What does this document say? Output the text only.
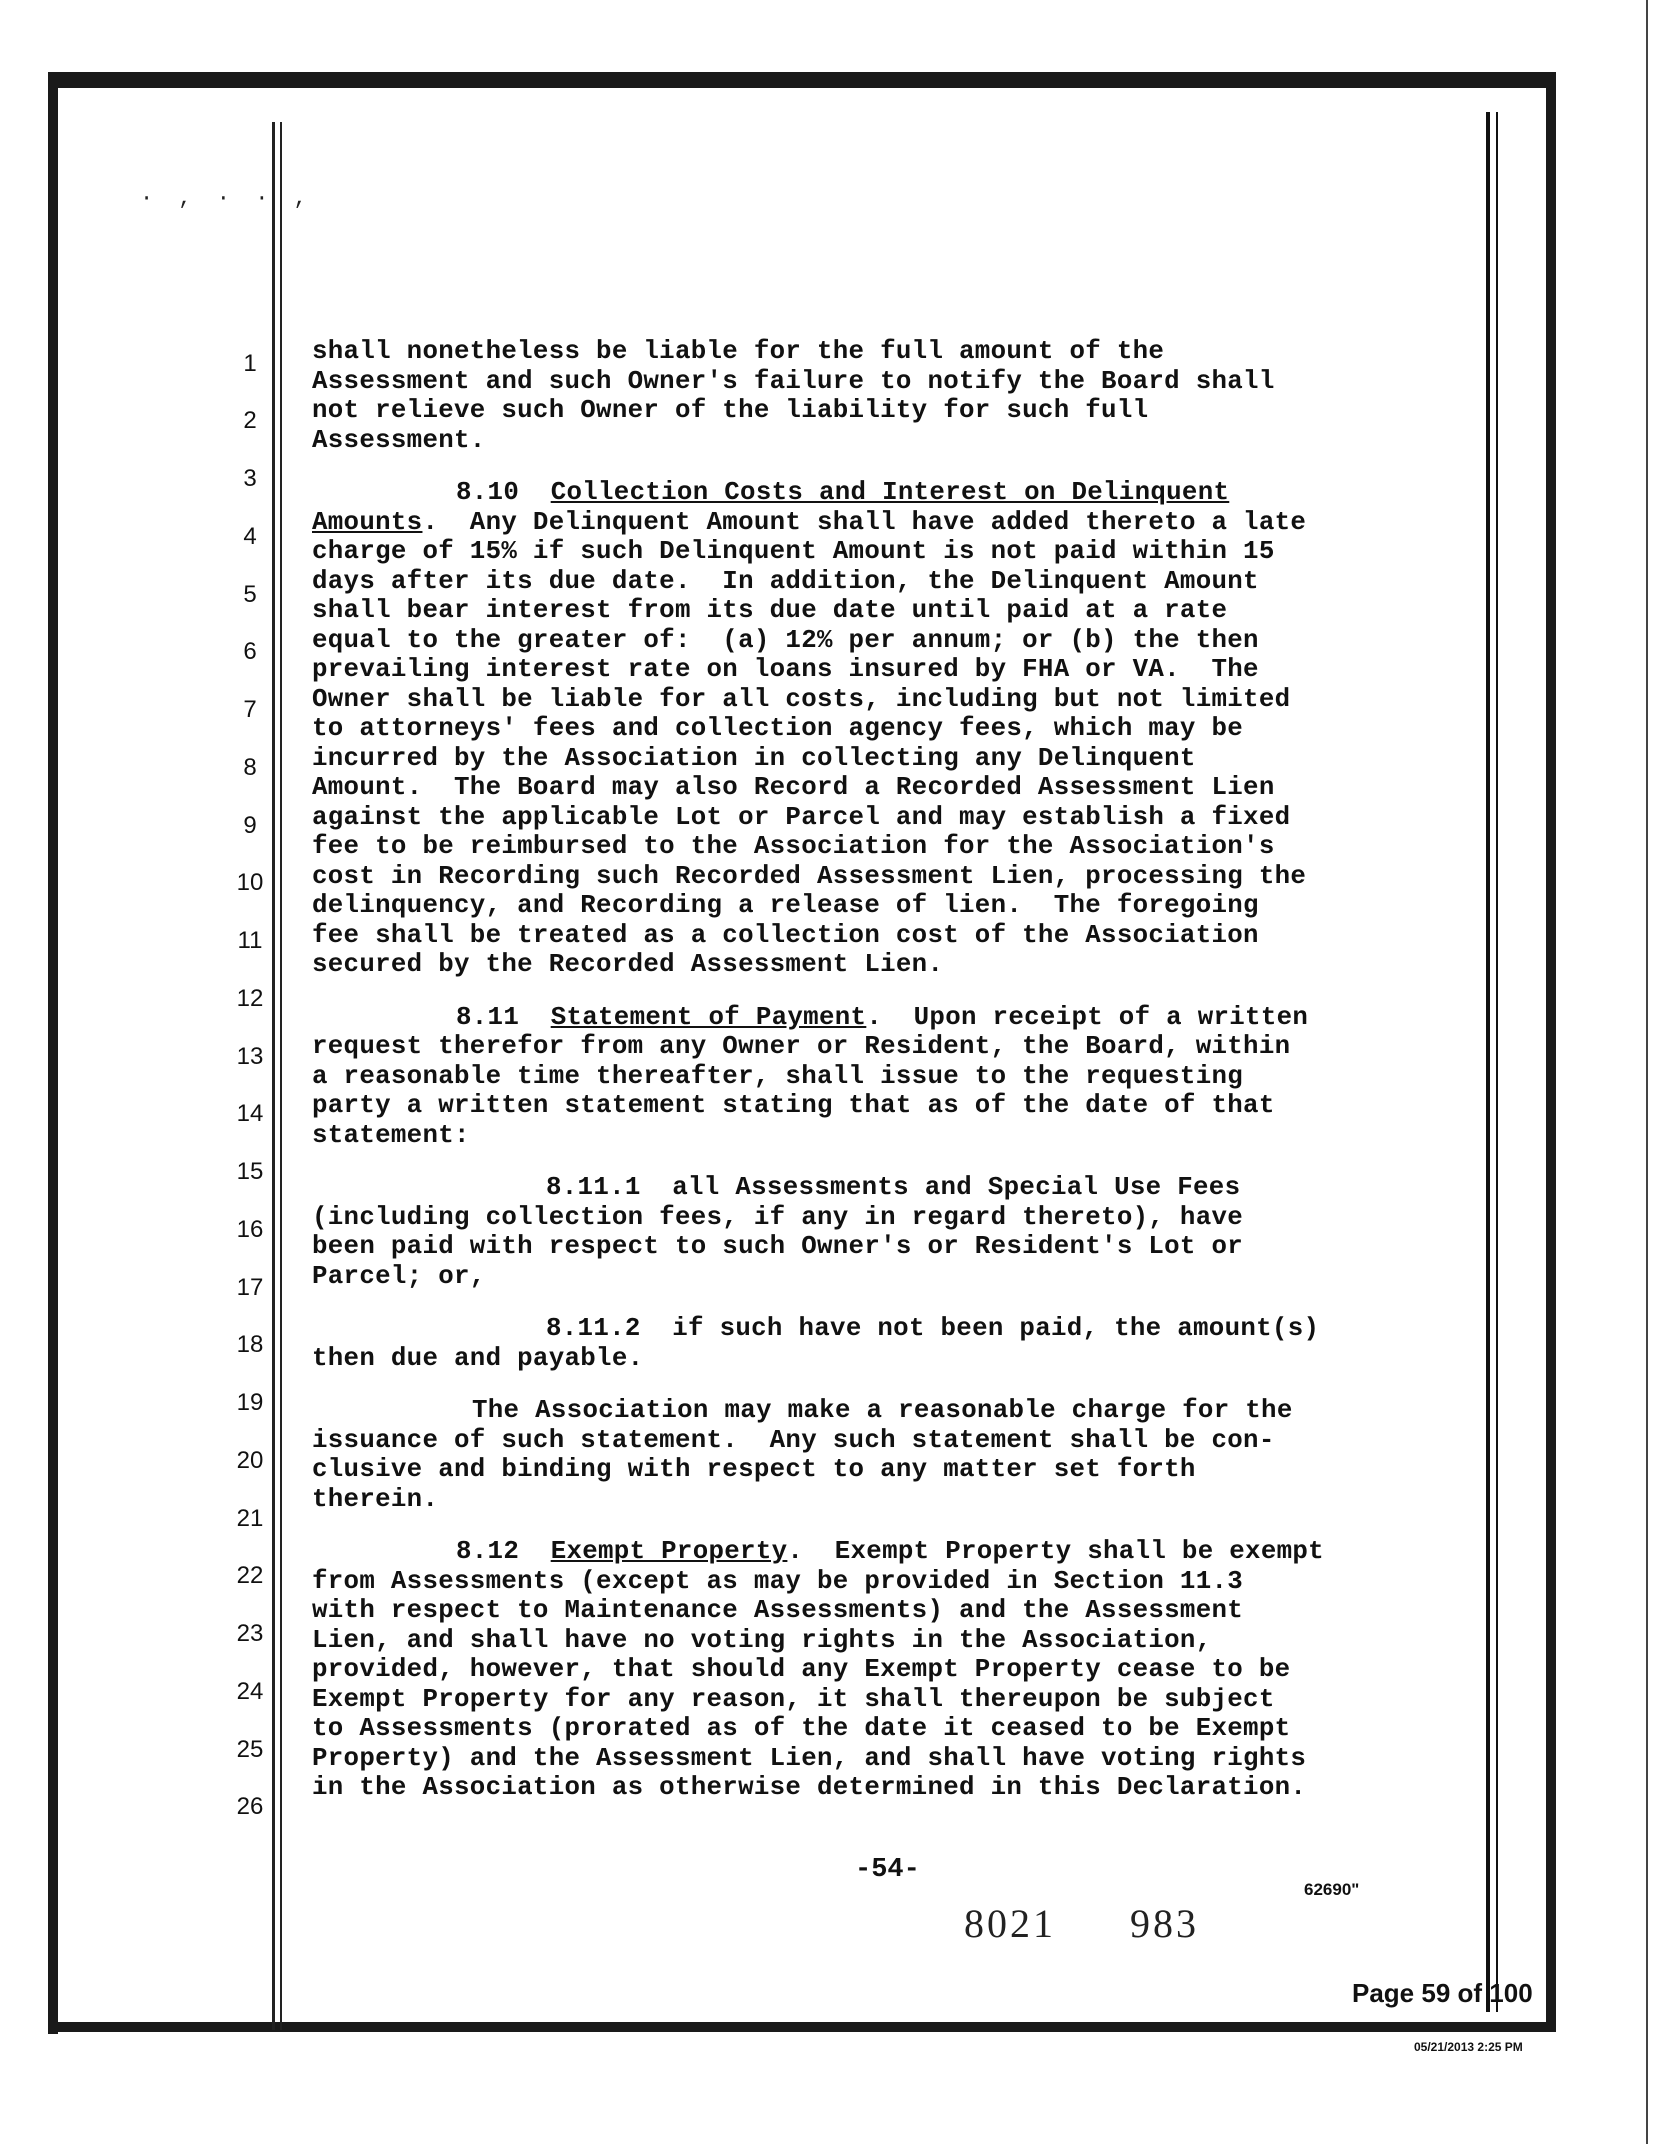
· , · · ,
1
2
3
4
5
6
7
8
9
10
11
12
13
14
15
16
17
18
19
20
21
22
23
24
25
26
shall nonetheless be liable for the full amount of the
Assessment and such Owner's failure to notify the Board shall
not relieve such Owner of the liability for such full
Assessment.
8.10 Collection Costs and Interest on Delinquent
Amounts.  Any Delinquent Amount shall have added thereto a late
charge of 15% if such Delinquent Amount is not paid within 15
days after its due date.  In addition, the Delinquent Amount
shall bear interest from its due date until paid at a rate
equal to the greater of:  (a) 12% per annum; or (b) the then
prevailing interest rate on loans insured by FHA or VA.  The
Owner shall be liable for all costs, including but not limited
to attorneys' fees and collection agency fees, which may be
incurred by the Association in collecting any Delinquent
Amount.  The Board may also Record a Recorded Assessment Lien
against the applicable Lot or Parcel and may establish a fixed
fee to be reimbursed to the Association for the Association's
cost in Recording such Recorded Assessment Lien, processing the
delinquency, and Recording a release of lien.  The foregoing
fee shall be treated as a collection cost of the Association
secured by the Recorded Assessment Lien.
8.11 Statement of Payment.  Upon receipt of a written
request therefor from any Owner or Resident, the Board, within
a reasonable time thereafter, shall issue to the requesting
party a written statement stating that as of the date of that
statement:
8.11.1  all Assessments and Special Use Fees
(including collection fees, if any in regard thereto), have
been paid with respect to such Owner's or Resident's Lot or
Parcel; or,
8.11.2  if such have not been paid, the amount(s)
then due and payable.
The Association may make a reasonable charge for the
issuance of such statement.  Any such statement shall be con-
clusive and binding with respect to any matter set forth
therein.
8.12 Exempt Property.  Exempt Property shall be exempt
from Assessments (except as may be provided in Section 11.3
with respect to Maintenance Assessments) and the Assessment
Lien, and shall have no voting rights in the Association,
provided, however, that should any Exempt Property cease to be
Exempt Property for any reason, it shall thereupon be subject
to Assessments (prorated as of the date it ceased to be Exempt
Property) and the Assessment Lien, and shall have voting rights
in the Association as otherwise determined in this Declaration.
-54-
62690"
8021 983
Page 59 of 100
05/21/2013 2:25 PM
